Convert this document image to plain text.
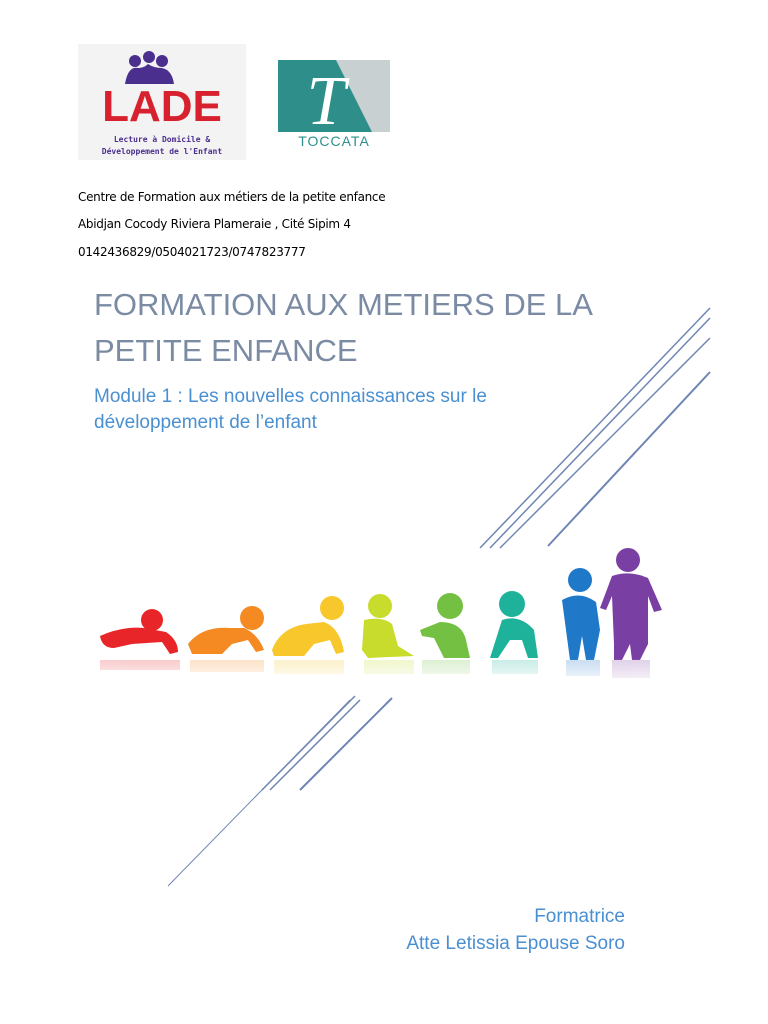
LADE
Lecture à Domicile &
Développement de l'Enfant
T
TOCCATA
Centre de Formation aux métiers de la petite enfance
Abidjan Cocody Riviera Plameraie , Cité Sipim 4
0142436829/0504021723/0747823777
FORMATION AUX METIERS DE LA
PETITE ENFANCE
Module 1 : Les nouvelles connaissances sur le
développement de l’enfant
Formatrice
Atte Letissia Epouse Soro
